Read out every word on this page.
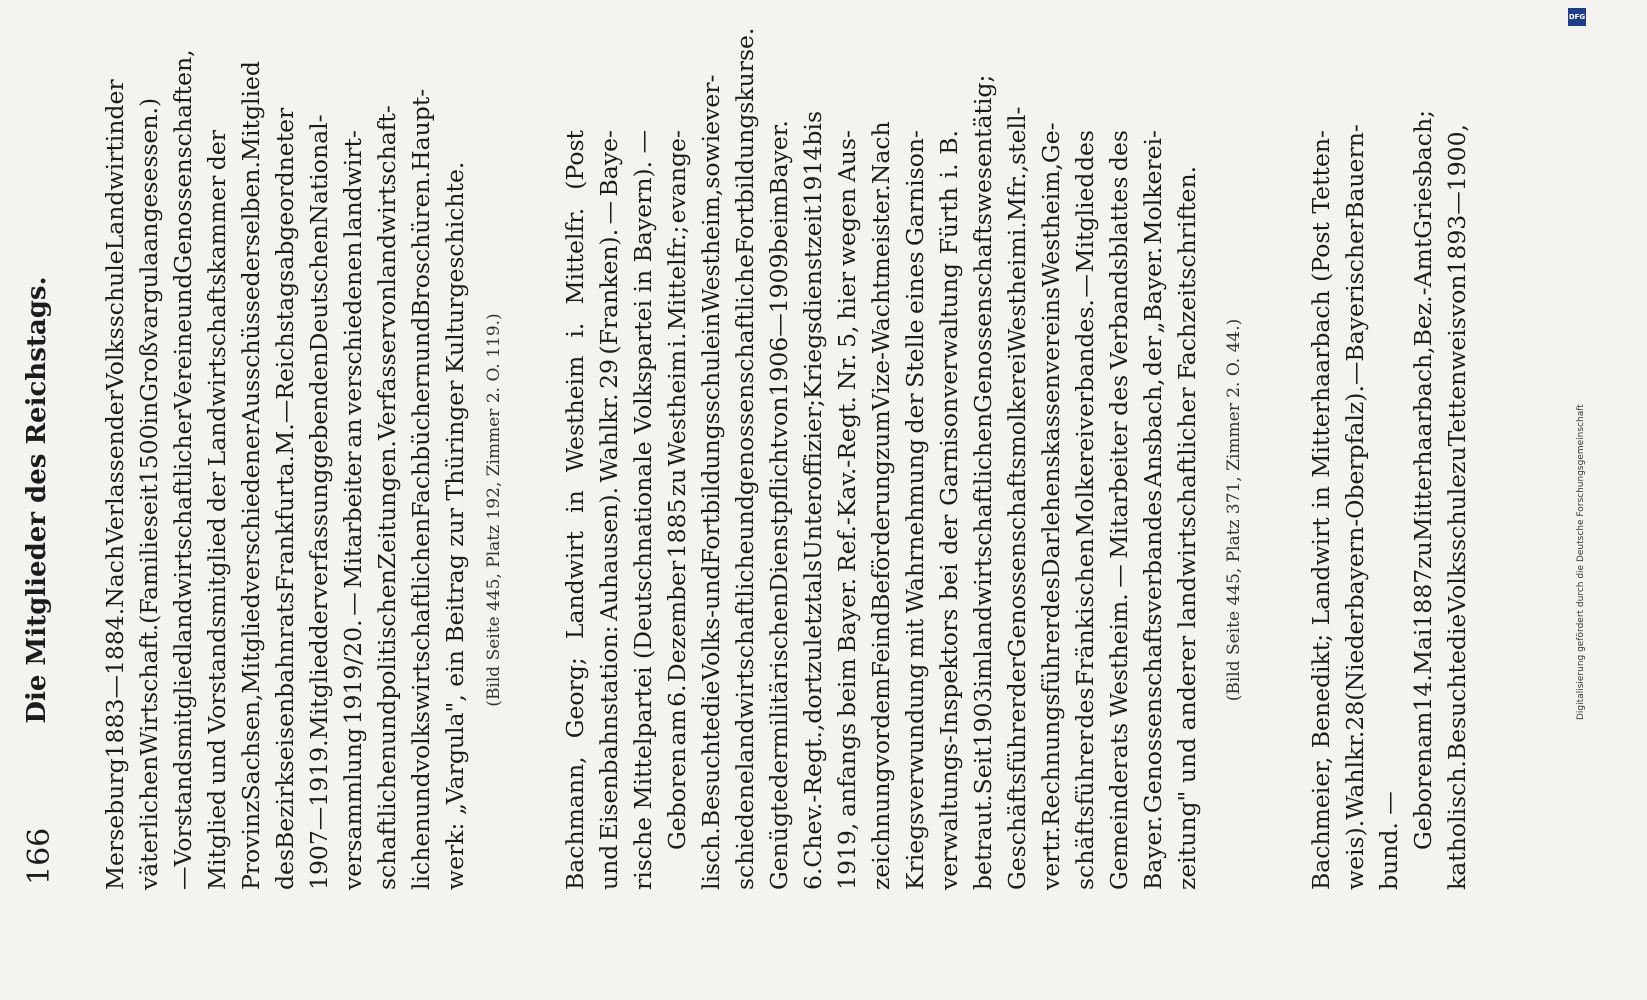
166
Die Mitglieder des Reichstags.
Merseburg
1883—1884.
Nach
Verlassen
der
Volksschule
Landwirt
in
der
väterlichen
Wirtschaft.
(Familie
seit
1500
in
Großvargula
angesessen.)
—
Vorstandsmitglied
landwirtschaftlicher
Vereine
und
Genossenschaften,
Mitglied
und
Vorstandsmitglied
der
Landwirtschaftskammer
der
Provinz
Sachsen,
Mitglied
verschiedener
Ausschüsse
derselben.
Mitglied
des
Bezirkseisenbahnrats
Frankfurt
a.
M.
—
Reichstagsabgeordneter
1907—1919.
Mitglied
der
verfassunggebenden
Deutschen
National-
versammlung
1919/20.
—
Mitarbeiter
an
verschiedenen
landwirt-
schaftlichen
und
politischen
Zeitungen.
Verfasser
von
landwirtschaft-
lichen
und
volkswirtschaftlichen
Fachbüchern
und
Broschüren.
Haupt-
werk: „Vargula", ein Beitrag zur Thüringer Kulturgeschichte. (Bild Seite 445, Platz 192, Zimmer 2. O. 119.)
Bachmann,
Georg;
Landwirt
in
Westheim
i.
Mittelfr.
(Post
und
Eisenbahnstation:
Auhausen).
Wahlkr.
29
(Franken).
—
Baye- rische Mittelpartei (Deutschnationale Volkspartei in Bayern). — Geboren
am
6.
Dezember
1885
zu
Westheim
i.
Mittelfr.;
evange-
lisch.
Besuchte
die
Volks-
und
Fortbildungsschule
in
Westheim,
sowie
ver-
schiedene
landwirtschaftliche
und
genossenschaftliche
Fortbildungskurse.
Genügte
der
militärischen
Dienstpflicht
von
1906—1909
beim
Bayer.
6.
Chev.-Regt.,
dort
zuletzt
als
Unteroffizier;
Kriegsdienstzeit
1914
bis
1919,
anfangs
beim
Bayer.
Ref.-Kav.-Regt.
Nr.
5,
hier
wegen
Aus-
zeichnung
vor
dem
Feind
Beförderung
zum
Vize-Wachtmeister.
Nach
Kriegsverwundung
mit
Wahrnehmung
der
Stelle
eines
Garnison-
verwaltungs-Inspektors
bei
der
Garnisonverwaltung
Fürth
i.
B.
betraut.
Seit
1903
im
landwirtschaftlichen
Genossenschaftswesen
tätig;
Geschäftsführer
der
Genossenschaftsmolkerei
Westheim
i.
Mfr.,
stell-
vertr.
Rechnungsführer
des
Darlehenskassenvereins
Westheim,
Ge-
schäftsführer
des
Fränkischen
Molkereiverbandes.
—
Mitglied
des
Gemeinderats
Westheim.
—
Mitarbeiter
des
Verbandsblattes
des
Bayer.
Genossenschaftsverbandes
Ansbach,
der
„Bayer.
Molkerei- zeitung" und anderer landwirtschaftlicher Fachzeitschriften. (Bild Seite 445, Platz 371, Zimmer 2. O. 44.)
Bachmeier,
Benedikt;
Landwirt
in
Mitterhaarbach
(Post
Tetten-
weis).
Wahlkr.
28
(Niederbayern-Oberpfalz).
—
Bayerischer
Bauern-
bund. — Geboren
am
14.
Mai
1887
zu
Mitterhaarbach,
Bez.-Amt
Griesbach;
katholisch.
Besuchte
die
Volksschule
zu
Tettenweis
von
1893—1900,
DFG
Digitalisierung gefördert durch die Deutsche Forschungsgemeinschaft
